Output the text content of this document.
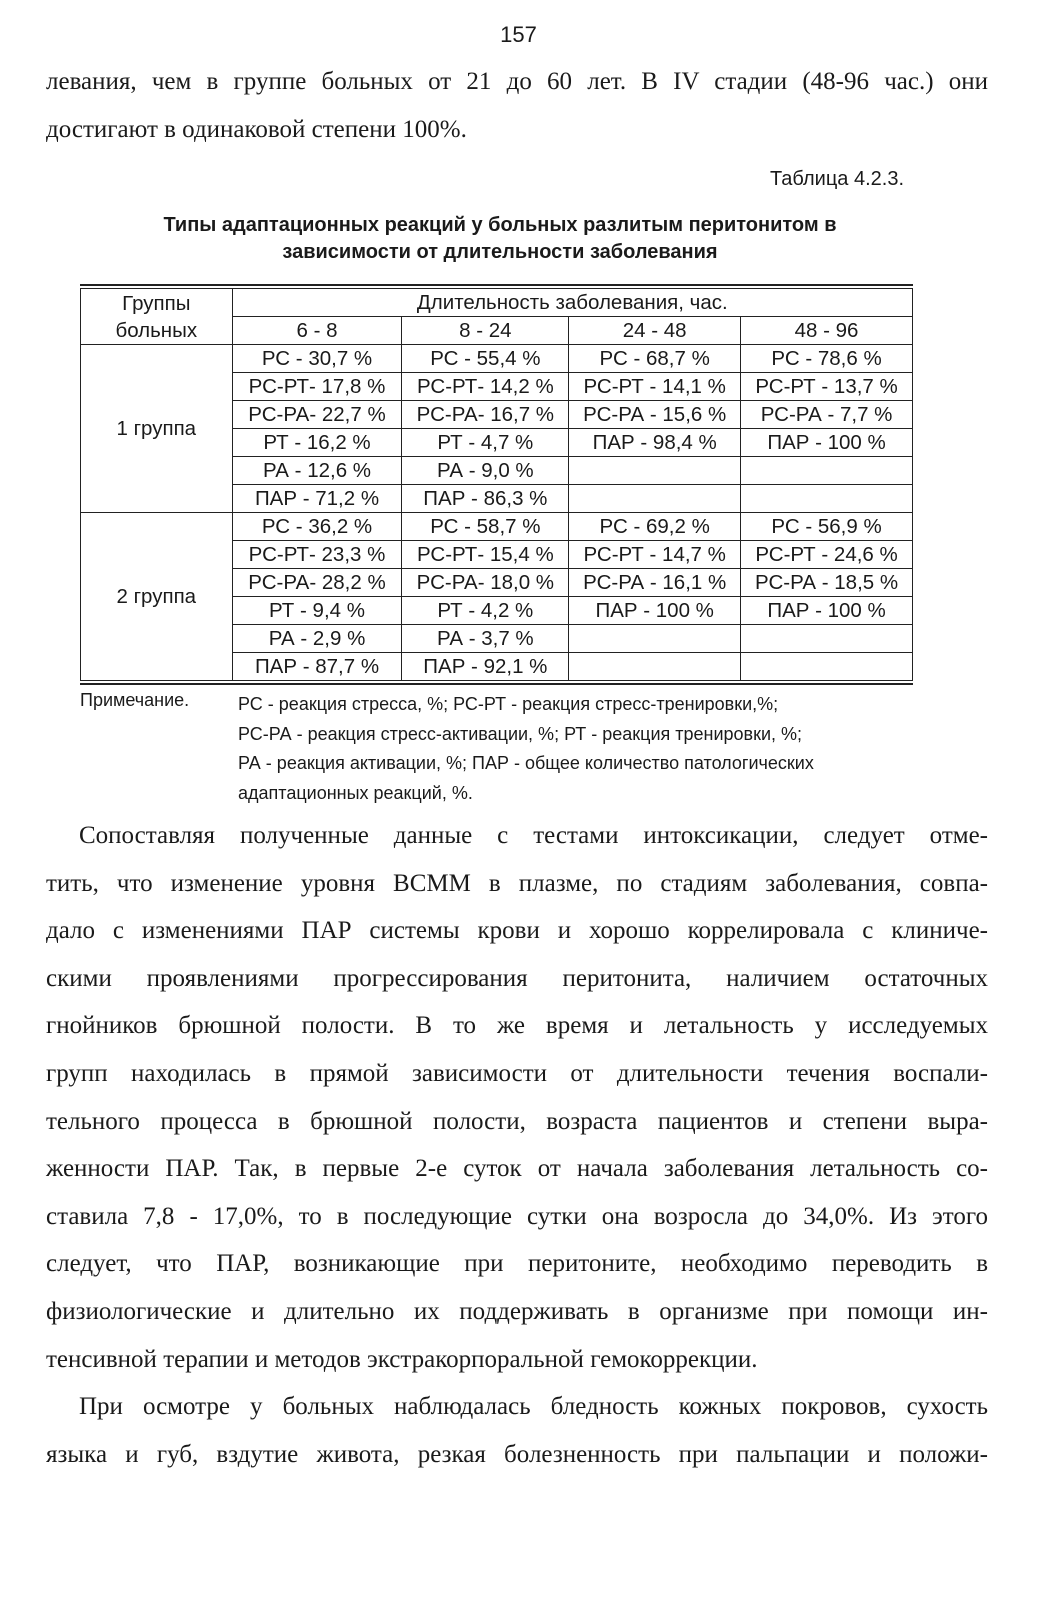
157
левания, чем в группе больных от 21 до 60 лет. В IV стадии (48-96 час.) они
достигают в одинаковой степени 100%.
Таблица 4.2.3.
Типы адаптационных реакций у больных разлитым перитонитом в
зависимости от длительности заболевания
Группы
больных	Длительность заболевания, час.			
	6 - 8	8 - 24	24 - 48	48 - 96
1 группа	РС - 30,7 %	РС - 55,4 %	РС - 68,7 %	РС - 78,6 %
	РС-РТ- 17,8 %	РС-РТ- 14,2 %	РС-РТ - 14,1 %	РС-РТ - 13,7 %
	РС-РА- 22,7 %	РС-РА- 16,7 %	РС-РА - 15,6 %	РС-РА - 7,7 %
	РТ - 16,2 %	РТ - 4,7 %	ПАР - 98,4 %	ПАР - 100 %
	РА - 12,6 %	РА - 9,0 %		
	ПАР - 71,2 %	ПАР - 86,3 %		
2 группа	РС - 36,2 %	РС - 58,7 %	РС - 69,2 %	РС - 56,9 %
	РС-РТ- 23,3 %	РС-РТ- 15,4 %	РС-РТ - 14,7 %	РС-РТ - 24,6 %
	РС-РА- 28,2 %	РС-РА- 18,0 %	РС-РА - 16,1 %	РС-РА - 18,5 %
	РТ - 9,4 %	РТ - 4,2 %	ПАР - 100 %	ПАР - 100 %
	РА - 2,9 %	РА - 3,7 %		
	ПАР - 87,7 %	ПАР - 92,1 %		
Примечание.	РС - реакция стресса, %; РС-РТ - реакция стресс-тренировки,%;
РС-РА - реакция стресс-активации, %; РТ - реакция тренировки, %;
РА - реакция активации, %; ПАР - общее количество патологических
адаптационных реакций, %.
Сопоставляя полученные данные с тестами интоксикации, следует отме-
тить, что изменение уровня ВСММ в плазме, по стадиям заболевания, совпа-
дало с изменениями ПАР системы крови и хорошо коррелировала с клиниче-
скими проявлениями прогрессирования перитонита, наличием остаточных
гнойников брюшной полости. В то же время и летальность у исследуемых
групп находилась в прямой зависимости от длительности течения воспали-
тельного процесса в брюшной полости, возраста пациентов и степени выра-
женности ПАР. Так, в первые 2-е суток от начала заболевания летальность со-
ставила 7,8 - 17,0%, то в последующие сутки она возросла до 34,0%. Из этого
следует, что ПАР, возникающие при перитоните, необходимо переводить в
физиологические и длительно их поддерживать в организме при помощи ин-
тенсивной терапии и методов экстракорпоральной гемокоррекции.
При осмотре у больных наблюдалась бледность кожных покровов, сухость
языка и губ, вздутие живота, резкая болезненность при пальпации и положи-
